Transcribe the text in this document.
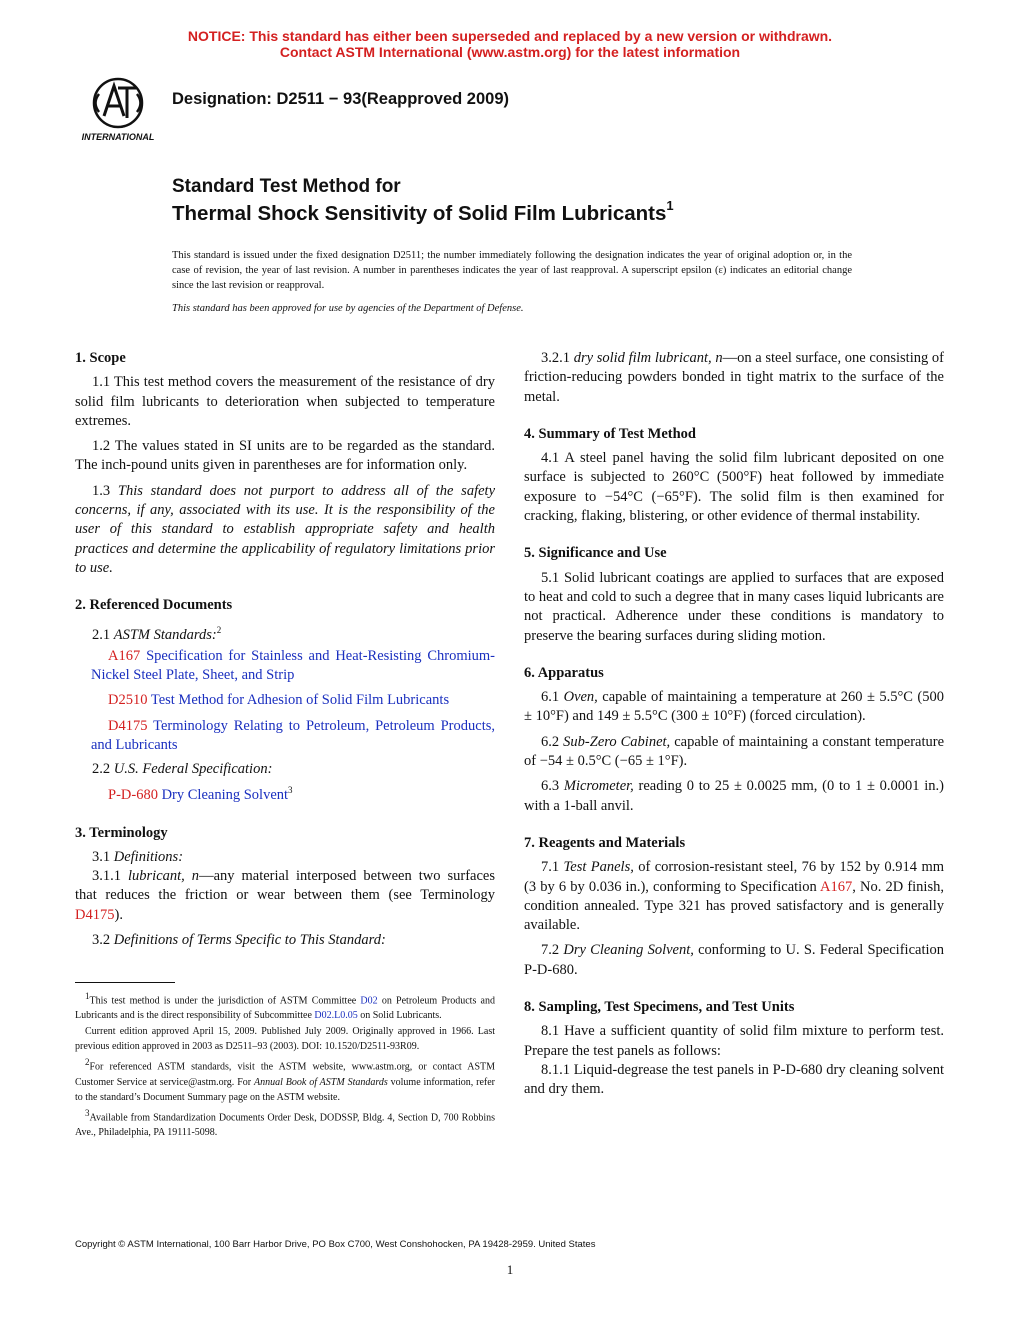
NOTICE: This standard has either been superseded and replaced by a new version or withdrawn.
Contact ASTM International (www.astm.org) for the latest information
INTERNATIONAL
Designation: D2511 − 93(Reapproved 2009)
Standard Test Method for
Thermal Shock Sensitivity of Solid Film Lubricants$^1$
This standard is issued under the fixed designation D2511; the number immediately following the designation indicates the year of original adoption or, in the case of revision, the year of last revision. A number in parentheses indicates the year of last reapproval. A superscript epsilon (ε) indicates an editorial change since the last revision or reapproval.
This standard has been approved for use by agencies of the Department of Defense.
1. Scope

1.1 This test method covers the measurement of the resistance of dry solid film lubricants to deterioration when subjected to temperature extremes.

1.2 The values stated in SI units are to be regarded as the standard. The inch-pound units given in parentheses are for information only.

1.3 This standard does not purport to address all of the safety concerns, if any, associated with its use. It is the responsibility of the user of this standard to establish appropriate safety and health practices and determine the applicability of regulatory limitations prior to use.

2. Referenced Documents

2.1 ASTM Standards:$^2$

A167 Specification for Stainless and Heat-Resisting Chromium-Nickel Steel Plate, Sheet, and Strip

D2510 Test Method for Adhesion of Solid Film Lubricants

D4175 Terminology Relating to Petroleum, Petroleum Products, and Lubricants

2.2 U.S. Federal Specification:

P-D-680 Dry Cleaning Solvent$^3$

3. Terminology

3.1 Definitions:

3.1.1 lubricant, n—any material interposed between two surfaces that reduces the friction or wear between them (see Terminology D4175).

3.2 Definitions of Terms Specific to This Standard:

$^1$This test method is under the jurisdiction of ASTM Committee D02 on Petroleum Products and Lubricants and is the direct responsibility of Subcommittee D02.L0.05 on Solid Lubricants.

Current edition approved April 15, 2009. Published July 2009. Originally approved in 1966. Last previous edition approved in 2003 as D2511–93 (2003). DOI: 10.1520/D2511-93R09.

$^2$For referenced ASTM standards, visit the ASTM website, www.astm.org, or contact ASTM Customer Service at service@astm.org. For Annual Book of ASTM Standards volume information, refer to the standard’s Document Summary page on the ASTM website.

$^3$Available from Standardization Documents Order Desk, DODSSP, Bldg. 4, Section D, 700 Robbins Ave., Philadelphia, PA 19111-5098.

3.2.1 dry solid film lubricant, n—on a steel surface, one consisting of friction-reducing powders bonded in tight matrix to the surface of the metal.

4. Summary of Test Method

4.1 A steel panel having the solid film lubricant deposited on one surface is subjected to 260°C (500°F) heat followed by immediate exposure to −54°C (−65°F). The solid film is then examined for cracking, flaking, blistering, or other evidence of thermal instability.

5. Significance and Use

5.1 Solid lubricant coatings are applied to surfaces that are exposed to heat and cold to such a degree that in many cases liquid lubricants are not practical. Adherence under these conditions is mandatory to preserve the bearing surfaces during sliding motion.

6. Apparatus

6.1 Oven, capable of maintaining a temperature at 260 ± 5.5°C (500 ± 10°F) and 149 ± 5.5°C (300 ± 10°F) (forced circulation).

6.2 Sub-Zero Cabinet, capable of maintaining a constant temperature of −54 ± 0.5°C (−65 ± 1°F).

6.3 Micrometer, reading 0 to 25 ± 0.0025 mm, (0 to 1 ± 0.0001 in.) with a 1-ball anvil.

7. Reagents and Materials

7.1 Test Panels, of corrosion-resistant steel, 76 by 152 by 0.914 mm (3 by 6 by 0.036 in.), conforming to Specification A167, No. 2D finish, condition annealed. Type 321 has proved satisfactory and is generally available.

7.2 Dry Cleaning Solvent, conforming to U. S. Federal Specification P-D-680.

8. Sampling, Test Specimens, and Test Units

8.1 Have a sufficient quantity of solid film mixture to perform test. Prepare the test panels as follows:

8.1.1 Liquid-degrease the test panels in P-D-680 dry cleaning solvent and dry them.

Copyright © ASTM International, 100 Barr Harbor Drive, PO Box C700, West Conshohocken, PA 19428-2959. United States
1
